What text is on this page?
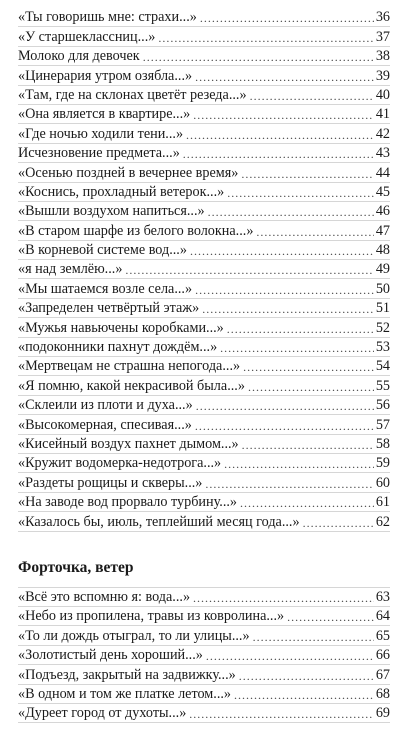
«Ты говоришь мне: страхи...» .....	36
«У старшеклассниц...» .....	37
Молоко для девочек .....	38
«Цинерария утром озябла...» .....	39
«Там, где на склонах цветёт резеда...» .....	40
«Она является в квартире...» .....	41
«Где ночью ходили тени...» .....	42
Исчезновение предмета...» .....	43
«Осенью поздней в вечернее время» .....	44
«Коснись, прохладный ветерок...» .....	45
«Вышли воздухом напиться...» .....	46
«В старом шарфе из белого волокна...» .....	47
«В корневой системе вод...» .....	48
«я над землёю...» .....	49
«Мы шатаемся возле села...» .....	50
«Запределен четвёртый этаж» .....	51
«Мужья навьючены коробками...» .....	52
«подоконники пахнут дождём...» .....	53
«Мертвецам не страшна непогода...» .....	54
«Я помню, какой некрасивой была...» .....	55
«Склеили из плоти и духа...» .....	56
«Высокомерная, спесивая...» .....	57
«Кисейный воздух пахнет дымом...» .....	58
«Кружит водомерка-недотрога...» .....	59
«Раздеты рощицы и скверы...» .....	60
«На заводе вод прорвало турбину...» .....	61
«Казалось бы, июль, теплейший месяц года...» .....	62
Форточка, ветер
«Всё это вспомню я: вода...» .....	63
«Небо из пропилена, травы из ковролина...» .....	64
«То ли дождь отыграл, то ли улицы...» .....	65
«Золотистый день хороший...» .....	66
«Подъезд, закрытый на задвижку...» .....	67
«В одном и том же платке летом...» .....	68
«Дуреет город от духоты...» .....	69
